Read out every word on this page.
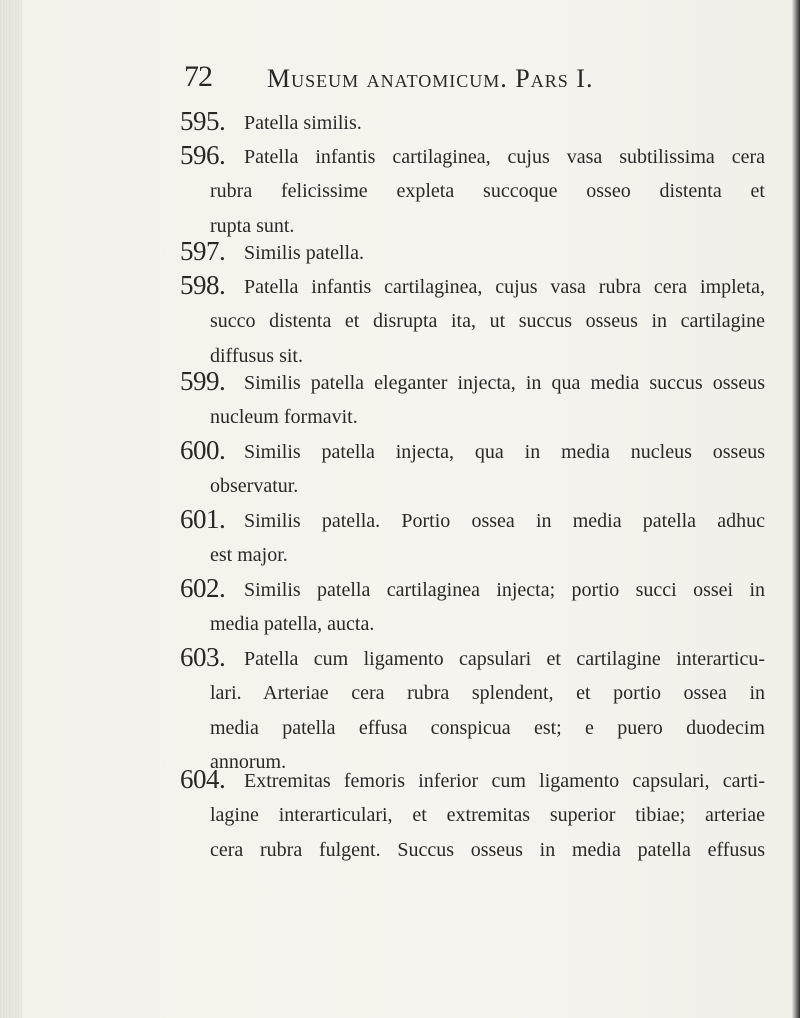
72 Museum anatomicum. Pars I.
595. Patella similis.
596. Patella infantis cartilaginea, cujus vasa subtilissima cera
rubra felicissime expleta succoque osseo distenta et
rupta sunt.
597. Similis patella.
598. Patella infantis cartilaginea, cujus vasa rubra cera impleta,
succo distenta et disrupta ita, ut succus osseus in cartilagine
diffusus sit.
599. Similis patella eleganter injecta, in qua media succus osseus
nucleum formavit.
600. Similis patella injecta, qua in media nucleus osseus
observatur.
601. Similis patella. Portio ossea in media patella adhuc
est major.
602. Similis patella cartilaginea injecta; portio succi ossei in
media patella, aucta.
603. Patella cum ligamento capsulari et cartilagine interarticu-
lari. Arteriae cera rubra splendent, et portio ossea in
media patella effusa conspicua est; e puero duodecim
annorum.
604. Extremitas femoris inferior cum ligamento capsulari, carti-
lagine interarticulari, et extremitas superior tibiae; arteriae
cera rubra fulgent. Succus osseus in media patella effusus
